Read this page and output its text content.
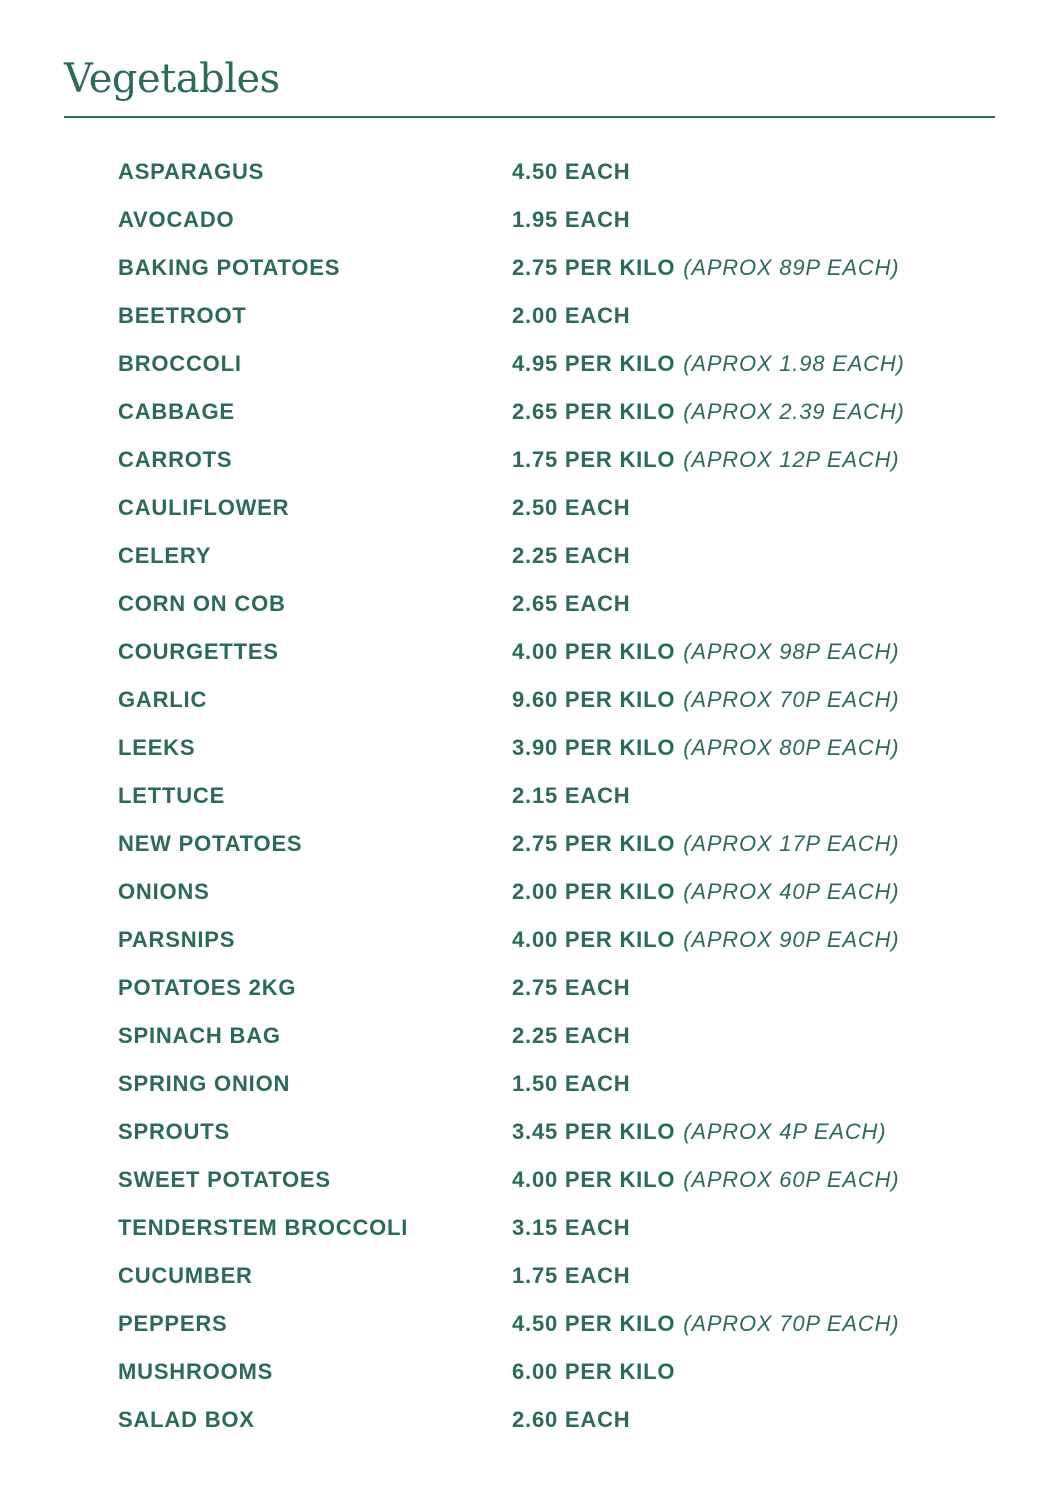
Vegetables
ASPARAGUS	4.50 EACH
AVOCADO	1.95 EACH
BAKING POTATOES	2.75 PER KILO (APROX 89P EACH)
BEETROOT	2.00 EACH
BROCCOLI	4.95 PER KILO (APROX 1.98 EACH)
CABBAGE	2.65 PER KILO (APROX 2.39 EACH)
CARROTS	1.75 PER KILO (APROX 12P EACH)
CAULIFLOWER	2.50 EACH
CELERY	2.25 EACH
CORN ON COB	2.65 EACH
COURGETTES	4.00 PER KILO (APROX 98P EACH)
GARLIC	9.60 PER KILO (APROX 70P EACH)
LEEKS	3.90 PER KILO (APROX 80P EACH)
LETTUCE	2.15 EACH
NEW POTATOES	2.75 PER KILO (APROX 17P EACH)
ONIONS	2.00 PER KILO (APROX 40P EACH)
PARSNIPS	4.00 PER KILO (APROX 90P EACH)
POTATOES 2KG	2.75 EACH
SPINACH BAG	2.25 EACH
SPRING ONION	1.50 EACH
SPROUTS	3.45 PER KILO (APROX 4P EACH)
SWEET POTATOES	4.00 PER KILO (APROX 60P EACH)
TENDERSTEM BROCCOLI	3.15 EACH
CUCUMBER	1.75 EACH
PEPPERS	4.50 PER KILO (APROX 70P EACH)
MUSHROOMS	6.00 PER KILO
SALAD BOX	2.60 EACH
